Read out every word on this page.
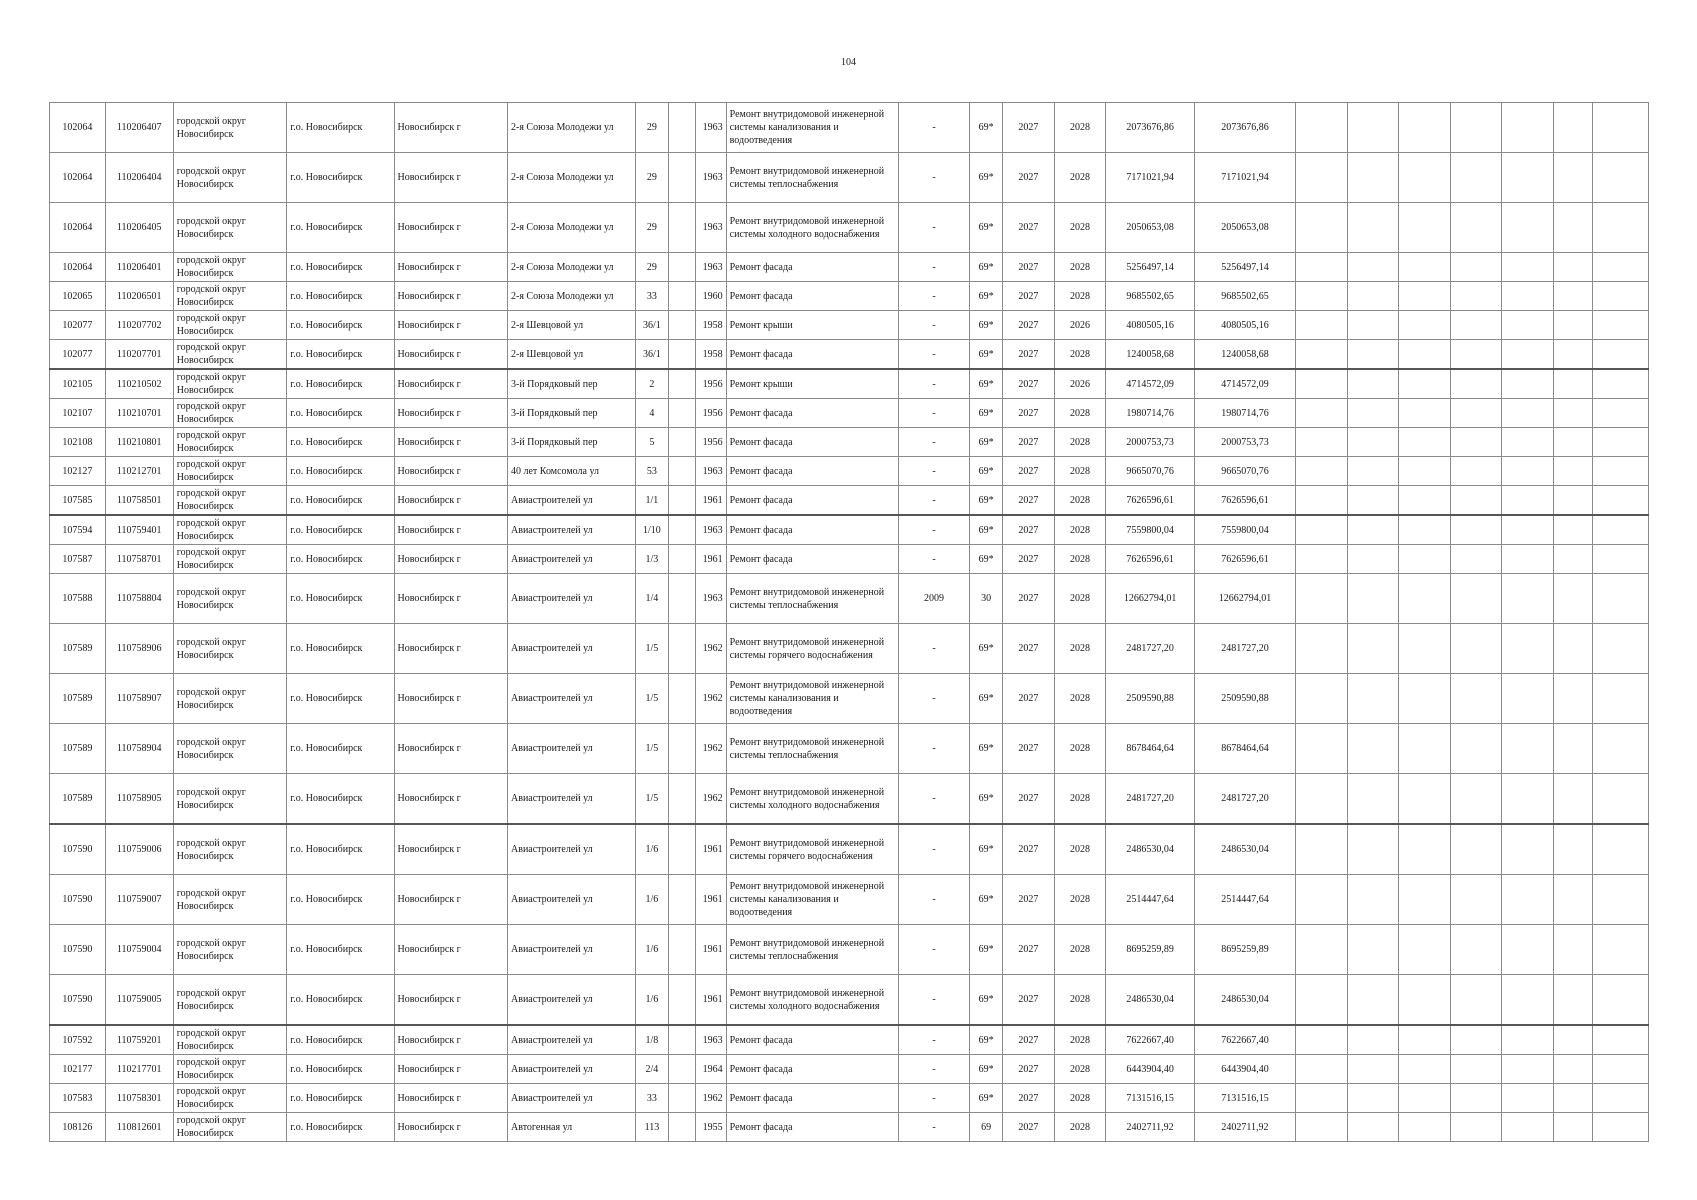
104
102064	110206407	городской округ Новосибирск	г.о. Новосибирск	Новосибирск г	2-я Союза Молодежи ул	29		1963	Ремонт внутридомовой инженерной системы канализования и водоотведения	-	69*	2027	2028	2073676,86	2073676,86							
102064	110206404	городской округ Новосибирск	г.о. Новосибирск	Новосибирск г	2-я Союза Молодежи ул	29		1963	Ремонт внутридомовой инженерной системы теплоснабжения	-	69*	2027	2028	7171021,94	7171021,94							
102064	110206405	городской округ Новосибирск	г.о. Новосибирск	Новосибирск г	2-я Союза Молодежи ул	29		1963	Ремонт внутридомовой инженерной системы холодного водоснабжения	-	69*	2027	2028	2050653,08	2050653,08							
102064	110206401	городской округ Новосибирск	г.о. Новосибирск	Новосибирск г	2-я Союза Молодежи ул	29		1963	Ремонт фасада	-	69*	2027	2028	5256497,14	5256497,14							
102065	110206501	городской округ Новосибирск	г.о. Новосибирск	Новосибирск г	2-я Союза Молодежи ул	33		1960	Ремонт фасада	-	69*	2027	2028	9685502,65	9685502,65							
102077	110207702	городской округ Новосибирск	г.о. Новосибирск	Новосибирск г	2-я Шевцовой ул	36/1		1958	Ремонт крыши	-	69*	2027	2026	4080505,16	4080505,16							
102077	110207701	городской округ Новосибирск	г.о. Новосибирск	Новосибирск г	2-я Шевцовой ул	36/1		1958	Ремонт фасада	-	69*	2027	2028	1240058,68	1240058,68							
102105	110210502	городской округ Новосибирск	г.о. Новосибирск	Новосибирск г	3-й Порядковый пер	2		1956	Ремонт крыши	-	69*	2027	2026	4714572,09	4714572,09							
102107	110210701	городской округ Новосибирск	г.о. Новосибирск	Новосибирск г	3-й Порядковый пер	4		1956	Ремонт фасада	-	69*	2027	2028	1980714,76	1980714,76							
102108	110210801	городской округ Новосибирск	г.о. Новосибирск	Новосибирск г	3-й Порядковый пер	5		1956	Ремонт фасада	-	69*	2027	2028	2000753,73	2000753,73							
102127	110212701	городской округ Новосибирск	г.о. Новосибирск	Новосибирск г	40 лет Комсомола ул	53		1963	Ремонт фасада	-	69*	2027	2028	9665070,76	9665070,76							
107585	110758501	городской округ Новосибирск	г.о. Новосибирск	Новосибирск г	Авиастроителей ул	1/1		1961	Ремонт фасада	-	69*	2027	2028	7626596,61	7626596,61							
107594	110759401	городской округ Новосибирск	г.о. Новосибирск	Новосибирск г	Авиастроителей ул	1/10		1963	Ремонт фасада	-	69*	2027	2028	7559800,04	7559800,04							
107587	110758701	городской округ Новосибирск	г.о. Новосибирск	Новосибирск г	Авиастроителей ул	1/3		1961	Ремонт фасада	-	69*	2027	2028	7626596,61	7626596,61							
107588	110758804	городской округ Новосибирск	г.о. Новосибирск	Новосибирск г	Авиастроителей ул	1/4		1963	Ремонт внутридомовой инженерной системы теплоснабжения	2009	30	2027	2028	12662794,01	12662794,01							
107589	110758906	городской округ Новосибирск	г.о. Новосибирск	Новосибирск г	Авиастроителей ул	1/5		1962	Ремонт внутридомовой инженерной системы горячего водоснабжения	-	69*	2027	2028	2481727,20	2481727,20							
107589	110758907	городской округ Новосибирск	г.о. Новосибирск	Новосибирск г	Авиастроителей ул	1/5		1962	Ремонт внутридомовой инженерной системы канализования и водоотведения	-	69*	2027	2028	2509590,88	2509590,88							
107589	110758904	городской округ Новосибирск	г.о. Новосибирск	Новосибирск г	Авиастроителей ул	1/5		1962	Ремонт внутридомовой инженерной системы теплоснабжения	-	69*	2027	2028	8678464,64	8678464,64							
107589	110758905	городской округ Новосибирск	г.о. Новосибирск	Новосибирск г	Авиастроителей ул	1/5		1962	Ремонт внутридомовой инженерной системы холодного водоснабжения	-	69*	2027	2028	2481727,20	2481727,20							
107590	110759006	городской округ Новосибирск	г.о. Новосибирск	Новосибирск г	Авиастроителей ул	1/6		1961	Ремонт внутридомовой инженерной системы горячего водоснабжения	-	69*	2027	2028	2486530,04	2486530,04							
107590	110759007	городской округ Новосибирск	г.о. Новосибирск	Новосибирск г	Авиастроителей ул	1/6		1961	Ремонт внутридомовой инженерной системы канализования и водоотведения	-	69*	2027	2028	2514447,64	2514447,64							
107590	110759004	городской округ Новосибирск	г.о. Новосибирск	Новосибирск г	Авиастроителей ул	1/6		1961	Ремонт внутридомовой инженерной системы теплоснабжения	-	69*	2027	2028	8695259,89	8695259,89							
107590	110759005	городской округ Новосибирск	г.о. Новосибирск	Новосибирск г	Авиастроителей ул	1/6		1961	Ремонт внутридомовой инженерной системы холодного водоснабжения	-	69*	2027	2028	2486530,04	2486530,04							
107592	110759201	городской округ Новосибирск	г.о. Новосибирск	Новосибирск г	Авиастроителей ул	1/8		1963	Ремонт фасада	-	69*	2027	2028	7622667,40	7622667,40							
102177	110217701	городской округ Новосибирск	г.о. Новосибирск	Новосибирск г	Авиастроителей ул	2/4		1964	Ремонт фасада	-	69*	2027	2028	6443904,40	6443904,40							
107583	110758301	городской округ Новосибирск	г.о. Новосибирск	Новосибирск г	Авиастроителей ул	33		1962	Ремонт фасада	-	69*	2027	2028	7131516,15	7131516,15							
108126	110812601	городской округ Новосибирск	г.о. Новосибирск	Новосибирск г	Автогенная ул	113		1955	Ремонт фасада	-	69	2027	2028	2402711,92	2402711,92							
